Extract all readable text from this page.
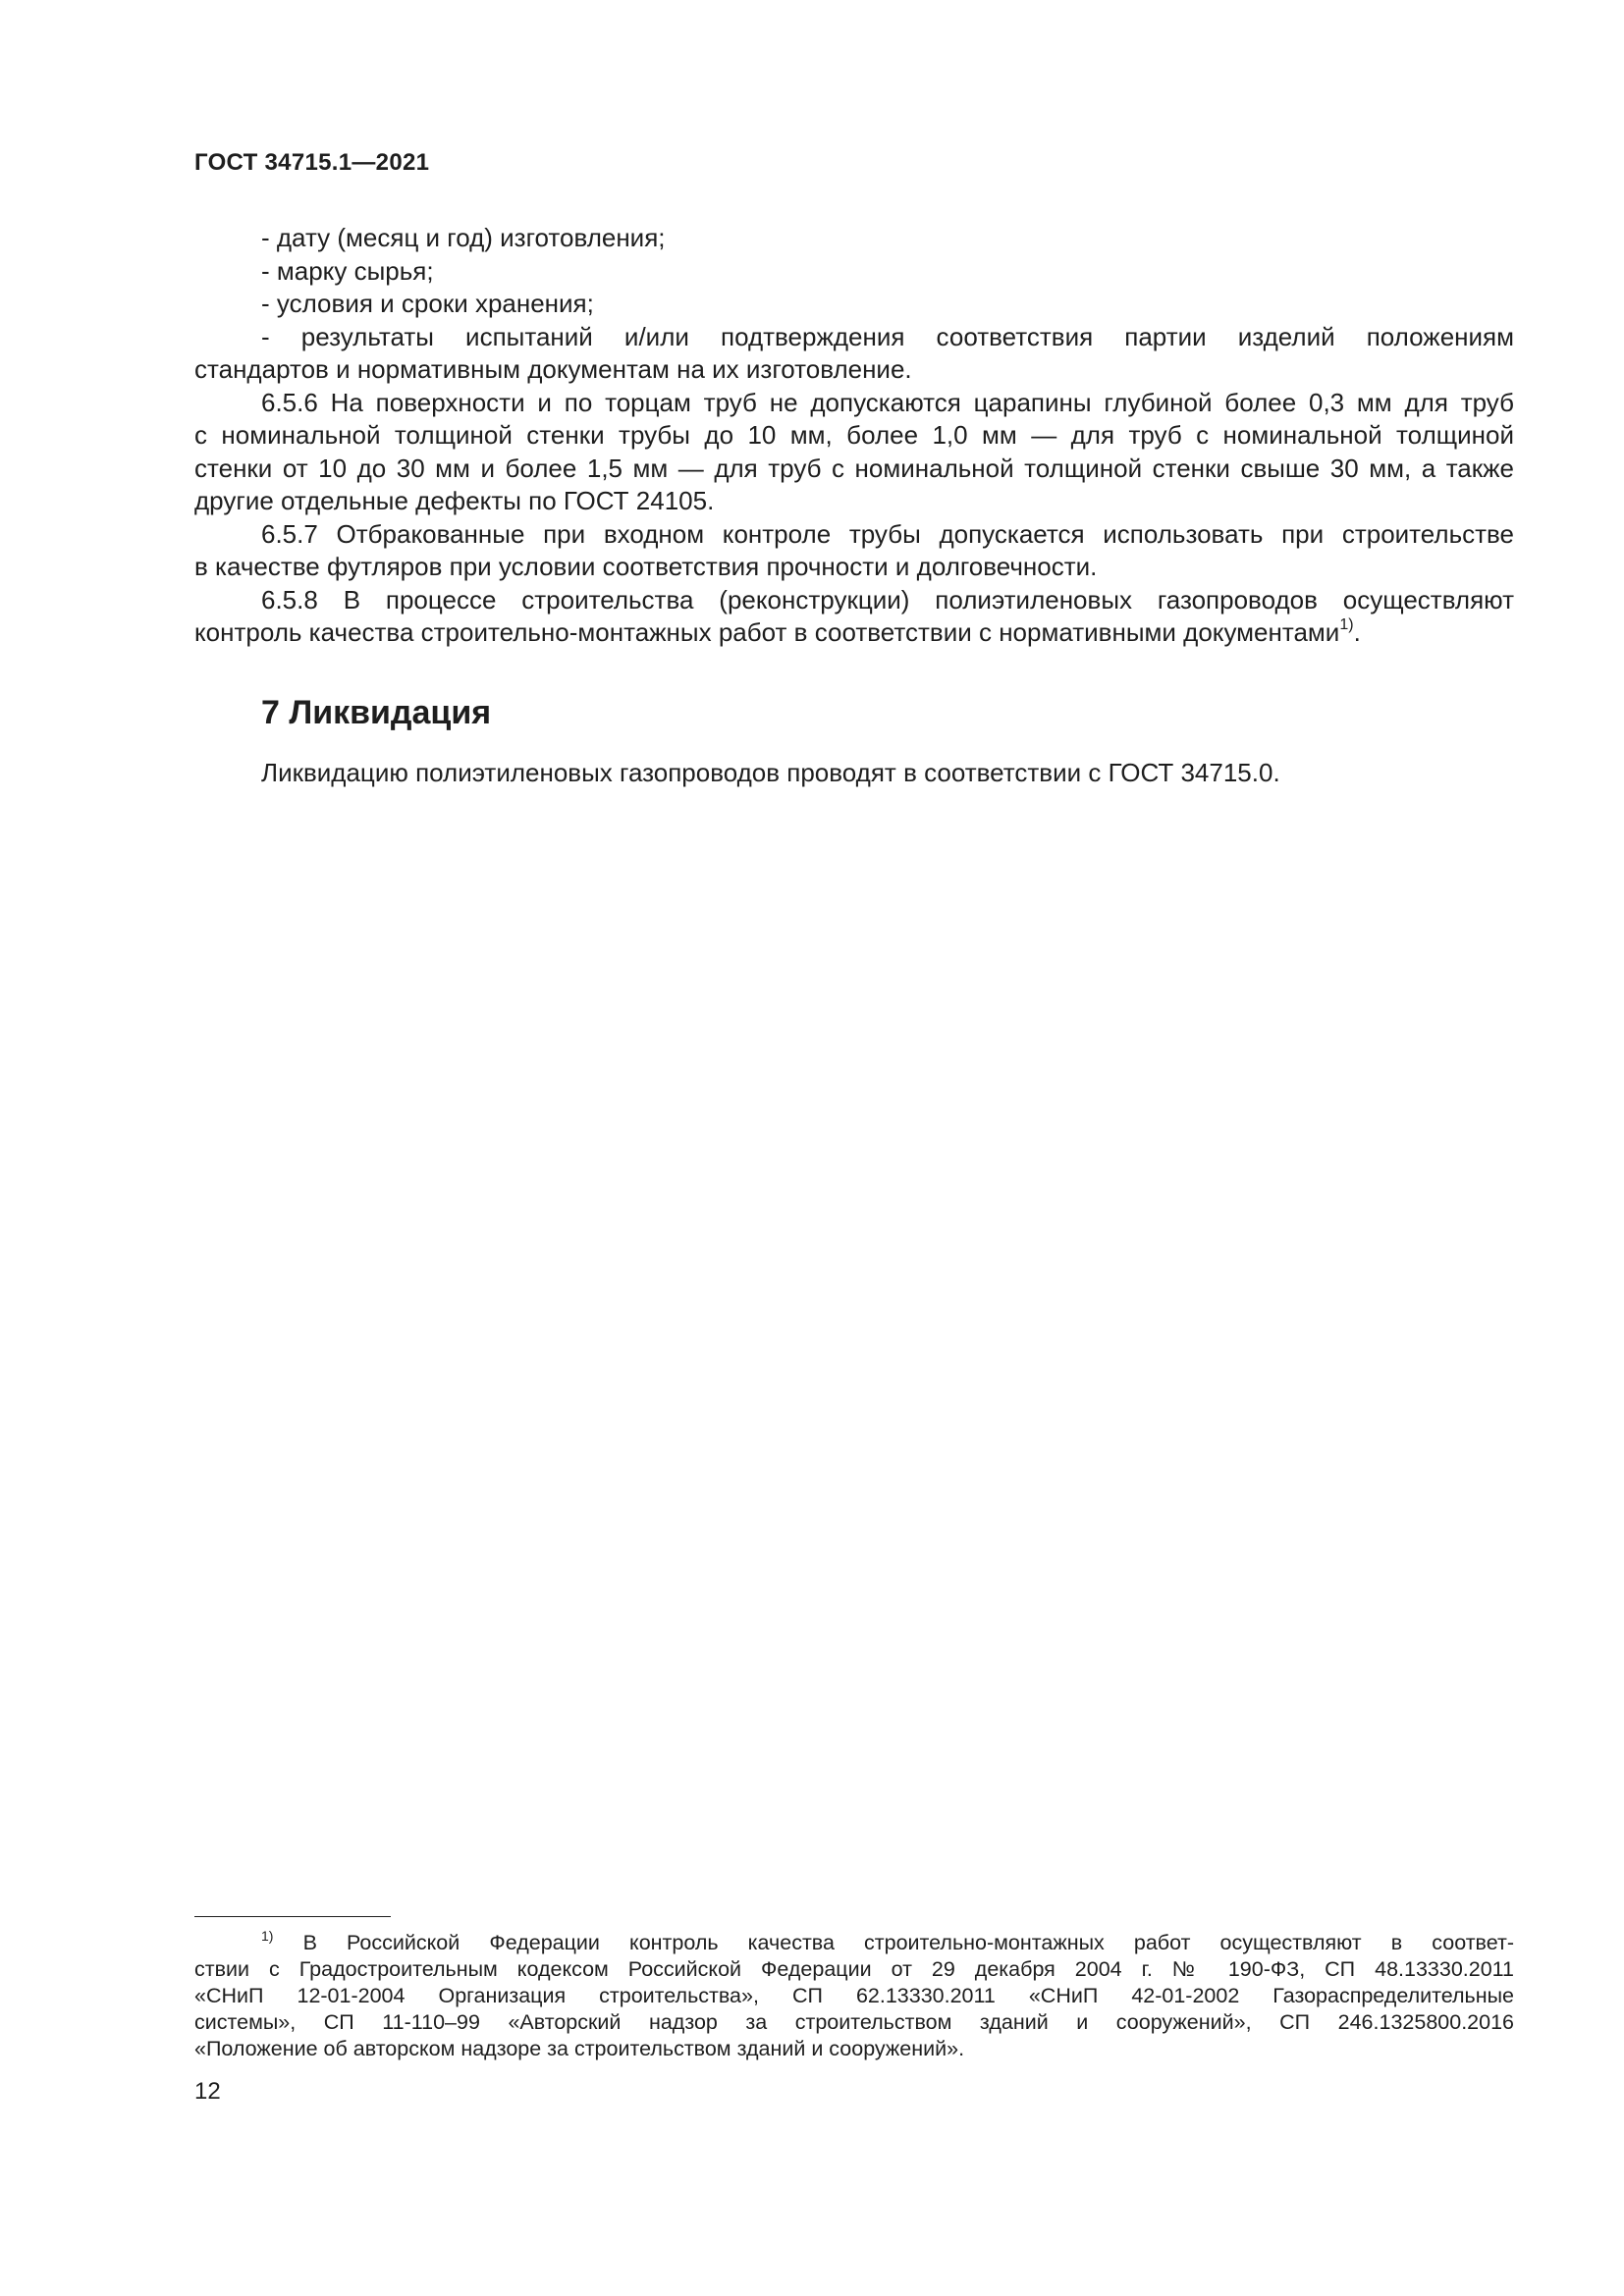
ГОСТ 34715.1—2021

- дату (месяц и год) изготовления;

- марку сырья;

- условия и сроки хранения;

- результаты испытаний и/или подтверждения соответствия партии изделий положениям

стандартов и нормативным документам на их изготовление.

6.5.6 На поверхности и по торцам труб не допускаются царапины глубиной более 0,3 мм для труб

с номинальной толщиной стенки трубы до 10 мм, более 1,0 мм — для труб с номинальной толщиной

стенки от 10 до 30 мм и более 1,5 мм — для труб с номинальной толщиной стенки свыше 30 мм, а также

другие отдельные дефекты по ГОСТ 24105.

6.5.7 Отбракованные при входном контроле трубы допускается использовать при строительстве

в качестве футляров при условии соответствия прочности и долговечности.

6.5.8 В процессе строительства (реконструкции) полиэтиленовых газопроводов осуществляют

контроль качества строительно-монтажных работ в соответствии с нормативными документами$^{1)}$.

7 Ликвидация
Ликвидацию полиэтиленовых газопроводов проводят в соответствии с ГОСТ 34715.0.

$^{1)}$ В Российской Федерации контроль качества строительно-монтажных работ осуществляют в соответ-

ствии с Градостроительным кодексом Российской Федерации от 29 декабря 2004 г. № 190-ФЗ, СП 48.13330.2011

«СНиП 12-01-2004 Организация строительства», СП 62.13330.2011 «СНиП 42-01-2002 Газораспределительные

системы», СП 11-110–99 «Авторский надзор за строительством зданий и сооружений», СП 246.1325800.2016

«Положение об авторском надзоре за строительством зданий и сооружений».

12
